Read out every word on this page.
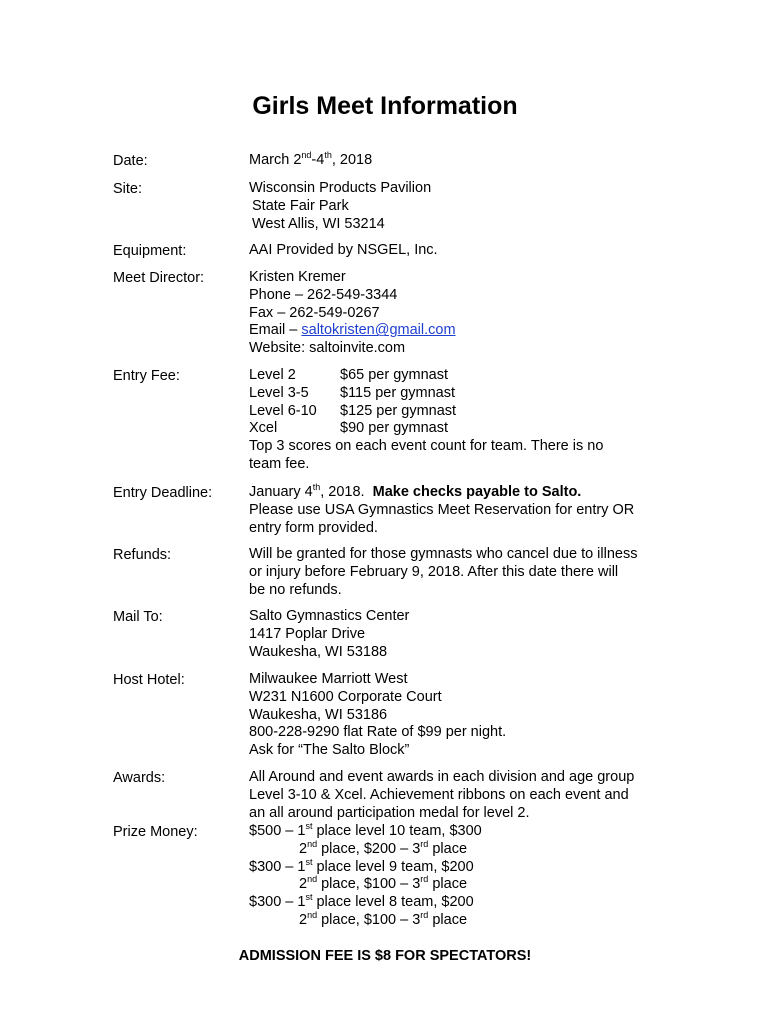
Girls Meet Information
Date:	March 2nd-4th, 2018
Site:	Wisconsin Products Pavilion
State Fair Park
West Allis, WI 53214
Equipment:	AAI Provided by NSGEL, Inc.
Meet Director:	Kristen Kremer
Phone – 262-549-3344
Fax – 262-549-0267
Email – saltokristen@gmail.com
Website: saltoinvite.com
Entry Fee:	Level 2	$65 per gymnast
Level 3-5 $115 per gymnast
Level 6-10 $125 per gymnast
Xcel	$90 per gymnast
Top 3 scores on each event count for team. There is no
team fee.
Entry Deadline:	January 4th, 2018.  Make checks payable to Salto.
Please use USA Gymnastics Meet Reservation for entry OR
entry form provided.
Refunds:	Will be granted for those gymnasts who cancel due to illness
or injury before February 9, 2018. After this date there will
be no refunds.
Mail To:	Salto Gymnastics Center
1417 Poplar Drive
Waukesha, WI 53188
Host Hotel:	Milwaukee Marriott West
W231 N1600 Corporate Court
Waukesha, WI 53186
800-228-9290 flat Rate of $99 per night.
Ask for “The Salto Block”
Awards:	All Around and event awards in each division and age group
Level 3-10 & Xcel. Achievement ribbons on each event and
an all around participation medal for level 2.
Prize Money:	$500 – 1st place level 10 team, $300
2nd place, $200 – 3rd place
$300 – 1st place level 9 team, $200
2nd place, $100 – 3rd place
$300 – 1st place level 8 team, $200
2nd place, $100 – 3rd place
ADMISSION FEE IS $8 FOR SPECTATORS!
